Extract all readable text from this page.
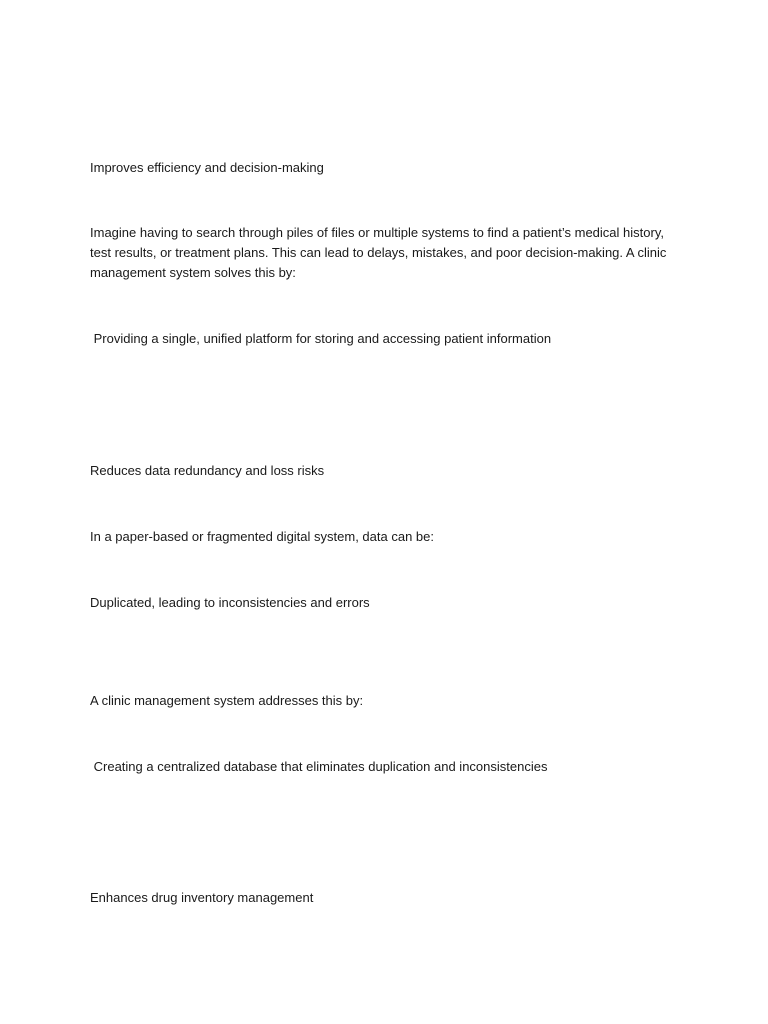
Improves efficiency and decision-making

Imagine having to search through piles of files or multiple systems to find a patient’s medical history, test results, or treatment plans. This can lead to delays, mistakes, and poor decision-making. A clinic management system solves this by:

Providing a single, unified platform for storing and accessing patient information

Reduces data redundancy and loss risks

In a paper-based or fragmented digital system, data can be:

Duplicated, leading to inconsistencies and errors

A clinic management system addresses this by:

Creating a centralized database that eliminates duplication and inconsistencies

Enhances drug inventory management
